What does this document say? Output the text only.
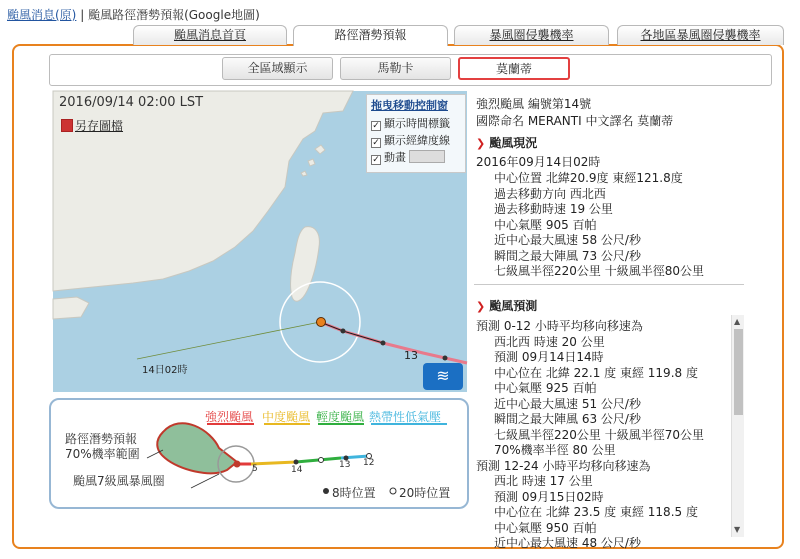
颱風消息(原) | 颱風路徑潛勢預報(Google地圖)
颱風消息首頁	路徑潛勢預報	暴風圈侵襲機率	各地區暴風圈侵襲機率
全區域顯示	馬勒卡	莫蘭蒂
2016/09/14 02:00 LST
另存圖檔
拖曳移動控制窗
✓ 顯示時間標籤
✓ 顯示經緯度線
✓ 動畫
14日02時
13
≋
強烈颱風 中度颱風 輕度颱風 熱帶性低氣壓
路徑潛勢預報
70%機率範圍
颱風7級風暴風圈
5	14	13 12
8時位置 20時位置
強烈颱風 編號第14號
國際命名 MERANTI 中文譯名 莫蘭蒂
❯ 颱風現況
2016年09月14日02時
中心位置 北緯20.9度 東經121.8度
過去移動方向 西北西
過去移動時速 19 公里
中心氣壓 905 百帕
近中心最大風速 58 公尺/秒
瞬間之最大陣風 73 公尺/秒
七級風半徑220公里 十級風半徑80公里
❯ 颱風預測
預測 0-12 小時平均移向移速為
西北西 時速 20 公里
預測 09月14日14時
中心位在 北緯 22.1 度 東經 119.8 度
中心氣壓 925 百帕
近中心最大風速 51 公尺/秒
瞬間之最大陣風 63 公尺/秒
七級風半徑220公里 十級風半徑70公里
70%機率半徑 80 公里
預測 12-24 小時平均移向移速為
西北 時速 17 公里
預測 09月15日02時
中心位在 北緯 23.5 度 東經 118.5 度
中心氣壓 950 百帕
近中心最大風速 48 公尺/秒
▲
▼
